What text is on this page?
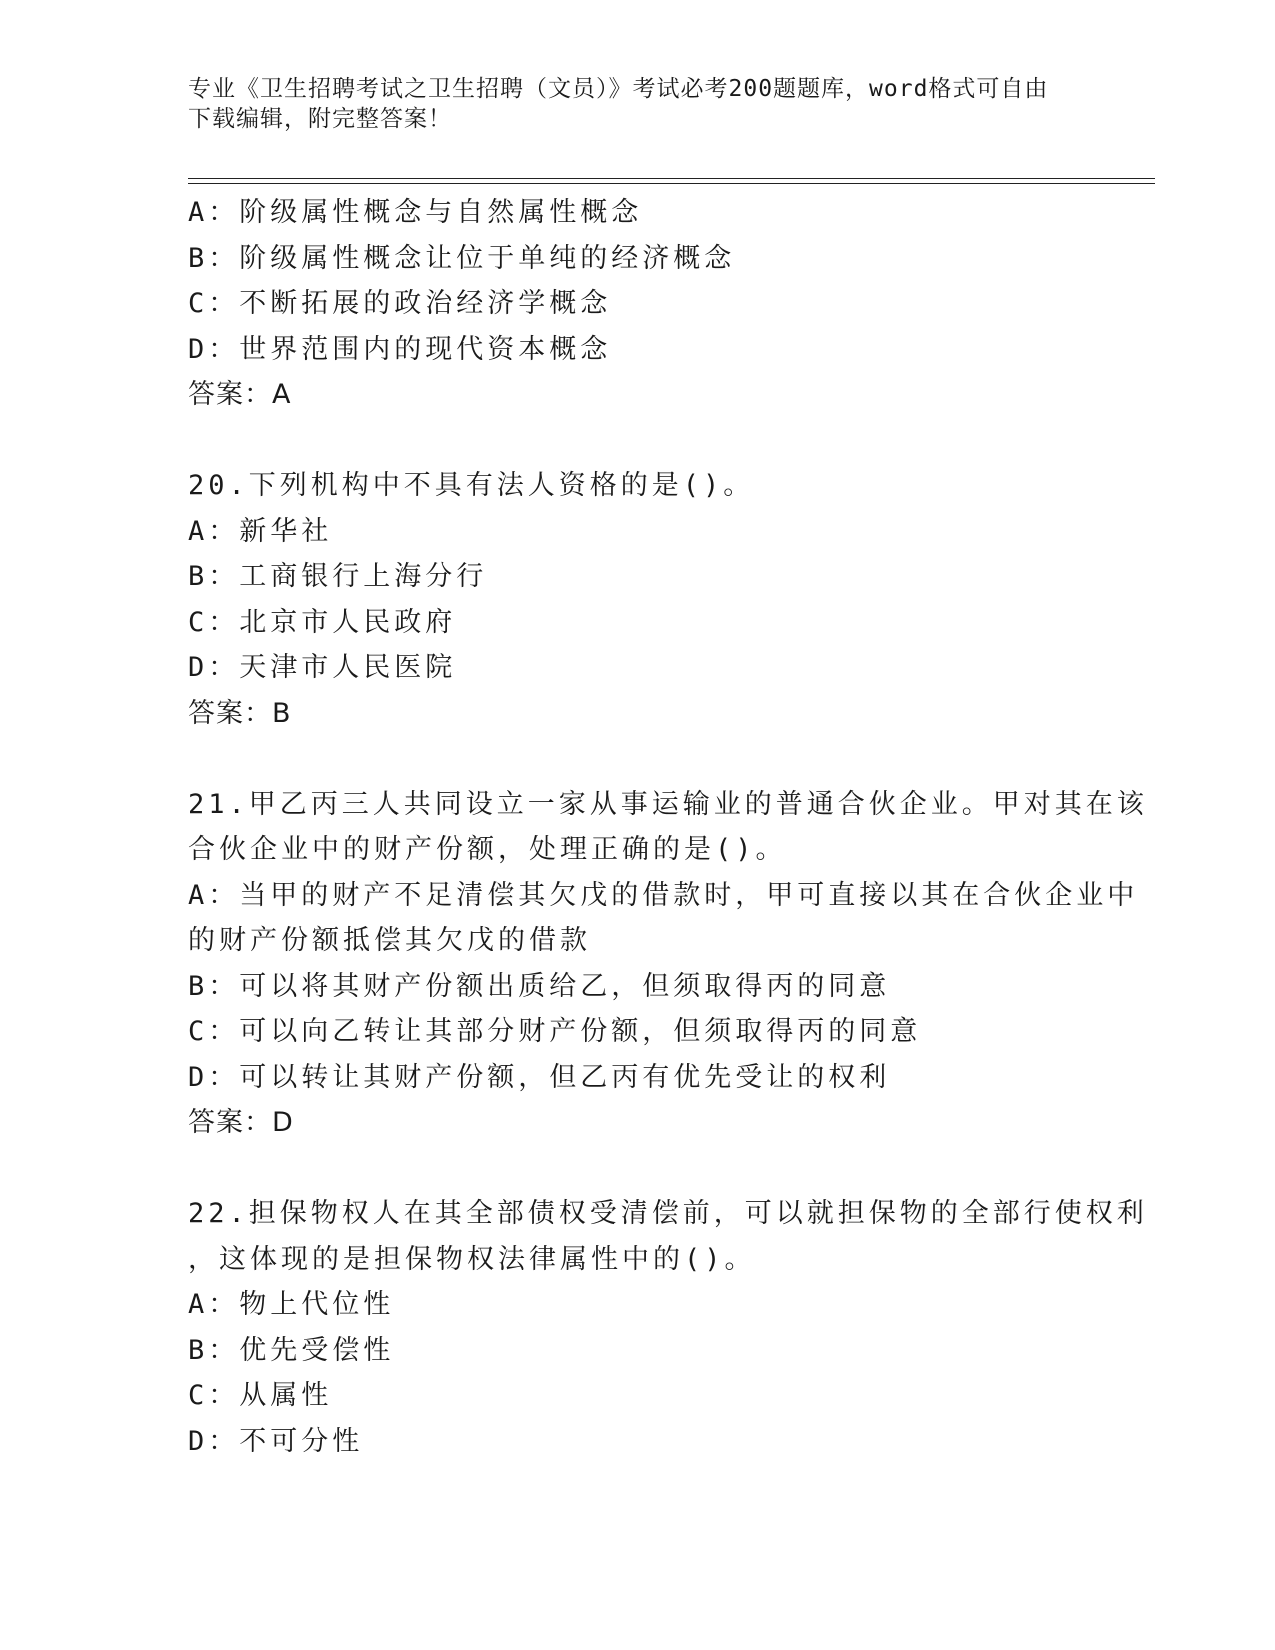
专业《卫生招聘考试之卫生招聘（文员）》考试必考200题题库，word格式可自由下载编辑，附完整答案！
A：阶级属性概念与自然属性概念
B：阶级属性概念让位于单纯的经济概念
C：不断拓展的政治经济学概念
D：世界范围内的现代资本概念
答案：A
20.下列机构中不具有法人资格的是()。
A：新华社
B：工商银行上海分行
C：北京市人民政府
D：天津市人民医院
答案：B
21.甲乙丙三人共同设立一家从事运输业的普通合伙企业。甲对其在该
合伙企业中的财产份额，处理正确的是()。
A：当甲的财产不足清偿其欠戊的借款时，甲可直接以其在合伙企业中
的财产份额抵偿其欠戊的借款
B：可以将其财产份额出质给乙，但须取得丙的同意
C：可以向乙转让其部分财产份额，但须取得丙的同意
D：可以转让其财产份额，但乙丙有优先受让的权利
答案：D
22.担保物权人在其全部债权受清偿前，可以就担保物的全部行使权利
，这体现的是担保物权法律属性中的()。
A：物上代位性
B：优先受偿性
C：从属性
D：不可分性
